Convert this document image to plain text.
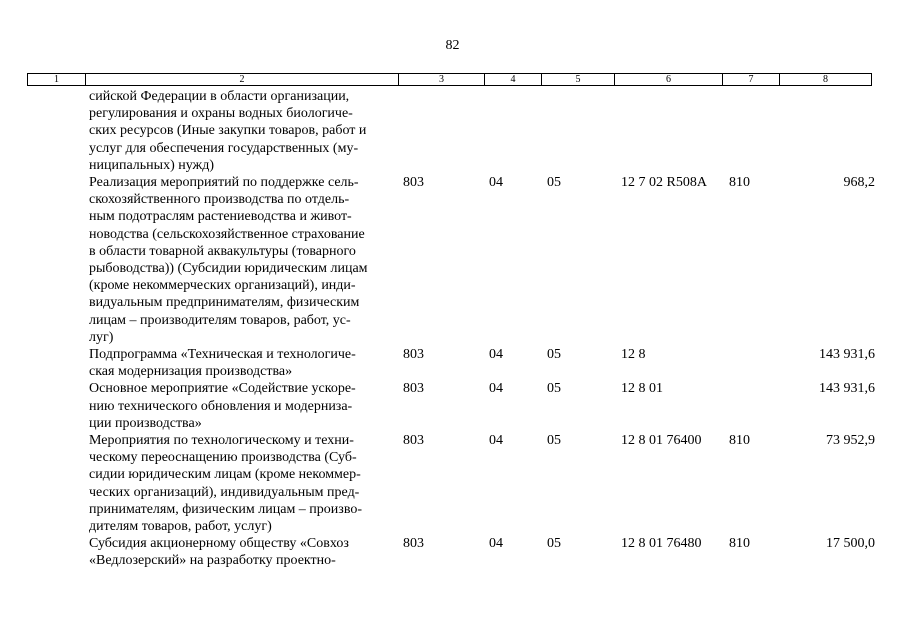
82
1	2	3	4	5	6	7	8
сийской Федерации в области организации,
регулирования и охраны водных биологиче-
ских ресурсов (Иные закупки товаров, работ и
услуг для обеспечения государственных (му-
ниципальных) нужд)
Реализация мероприятий по поддержке сель-
скохозяйственного производства по отдель-
ным подотраслям растениеводства и живот-
новодства (сельскохозяйственное страхование
в области товарной аквакультуры (товарного
рыбоводства)) (Субсидии юридическим лицам
(кроме некоммерческих организаций), инди-
видуальным предпринимателям, физическим
лицам – производителям товаров, работ, ус-
луг)
803	04	05	12 7 02 R508А 810	968,2
Подпрограмма «Техническая и технологиче-
ская модернизация производства»
803	04	05	12 8	143 931,6
Основное мероприятие «Содействие ускоре-
нию технического обновления и модерниза-
ции производства»
803	04	05	12 8 01	143 931,6
Мероприятия по технологическому и техни-
ческому переоснащению производства (Суб-
сидии юридическим лицам (кроме некоммер-
ческих организаций), индивидуальным пред-
принимателям, физическим лицам – произво-
дителям товаров, работ, услуг)
803	04	05	12 8 01 76400 810	73 952,9
Субсидия акционерному обществу «Совхоз
«Ведлозерский» на разработку проектно-
803	04	05	12 8 01 76480 810	17 500,0
